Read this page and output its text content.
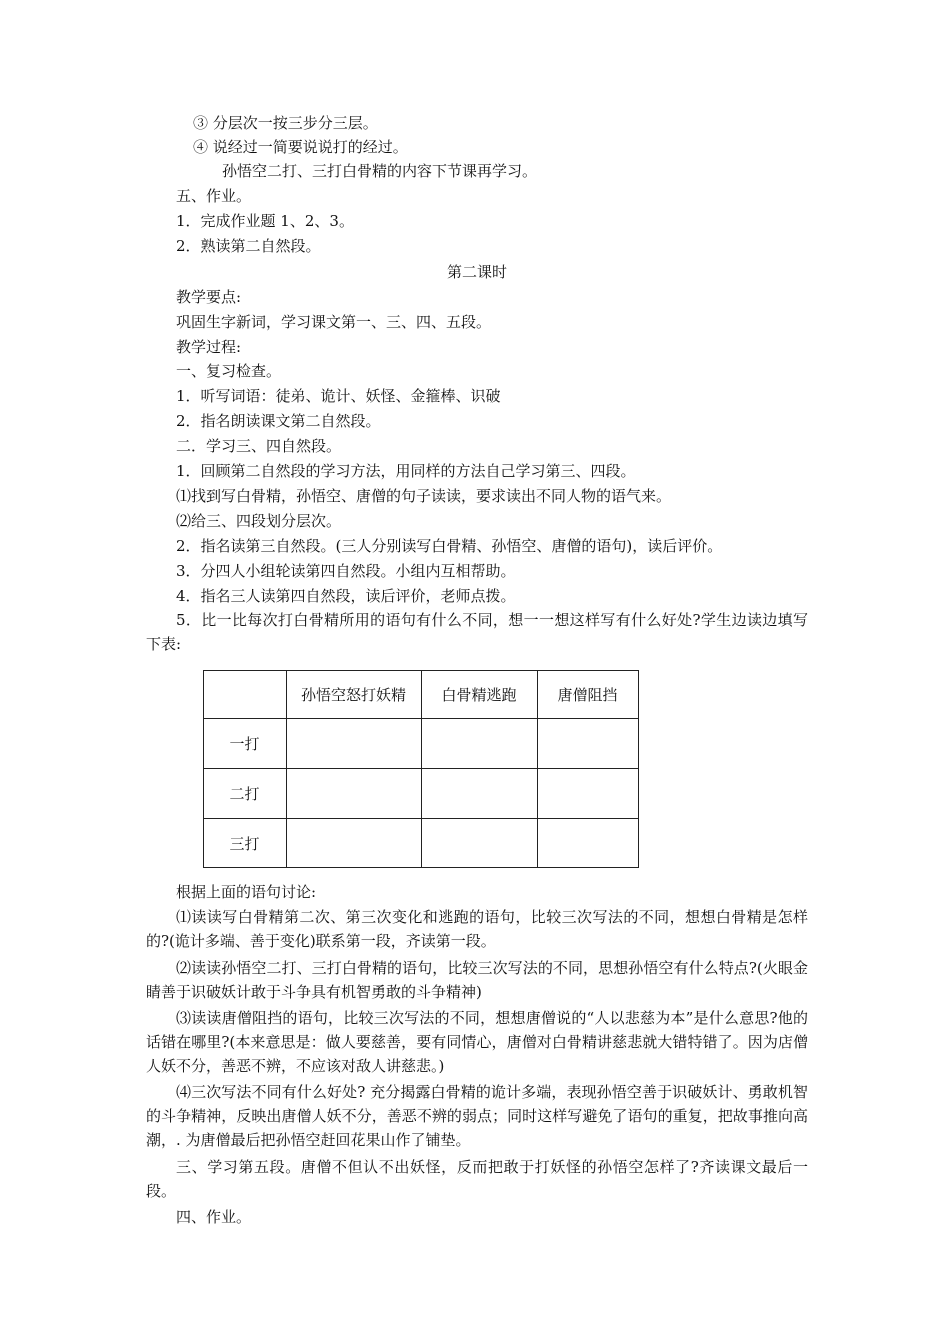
③ 分层次一按三步分三层。
④ 说经过一简要说说打的经过。
孙悟空二打、三打白骨精的内容下节课再学习。
五、作业。
1．完成作业题 1、2、3。
2．熟读第二自然段。
第二课时
教学要点:
巩固生字新词，学习课文第一、三、四、五段。
教学过程:
一、复习检查。
1．听写词语：徒弟、诡计、妖怪、金箍棒、识破
2．指名朗读课文第二自然段。
二．学习三、四自然段。
1．回顾第二自然段的学习方法，用同样的方法自己学习第三、四段。
⑴找到写白骨精，孙悟空、唐僧的句子读读，要求读出不同人物的语气来。
⑵给三、四段划分层次。
2．指名读第三自然段。(三人分别读写白骨精、孙悟空、唐僧的语句)，读后评价。
3．分四人小组轮读第四自然段。小组内互相帮助。
4．指名三人读第四自然段，读后评价，老师点拨。
5．比一比每次打白骨精所用的语句有什么不同，想一一想这样写有什么好处?学生边读边填写下表:
孙悟空怒打妖精	白骨精逃跑	唐僧阻挡
一打
二打
三打
根据上面的语句讨论:
⑴读读写白骨精第二次、第三次变化和逃跑的语句，比较三次写法的不同，想想白骨精是怎样的?(诡计多端、善于变化)联系第一段，齐读第一段。
⑵读读孙悟空二打、三打白骨精的语句，比较三次写法的不同，思想孙悟空有什么特点?(火眼金睛善于识破妖计敢于斗争具有机智勇敢的斗争精神)
⑶读读唐僧阻挡的语句，比较三次写法的不同，想想唐僧说的“人以悲慈为本”是什么意思?他的话错在哪里?(本来意思是：做人要慈善，要有同情心，唐僧对白骨精讲慈悲就大错特错了。因为店僧人妖不分，善恶不辨，不应该对敌人讲慈悲。)
⑷三次写法不同有什么好处? 充分揭露白骨精的诡计多端，表现孙悟空善于识破妖计、勇敢机智的斗争精神，反映出唐僧人妖不分，善恶不辨的弱点；同时这样写避免了语句的重复，把故事推向高潮，. 为唐僧最后把孙悟空赶回花果山作了铺垫。
三、学习第五段。唐僧不但认不出妖怪，反而把敢于打妖怪的孙悟空怎样了?齐读课文最后一段。
四、作业。
